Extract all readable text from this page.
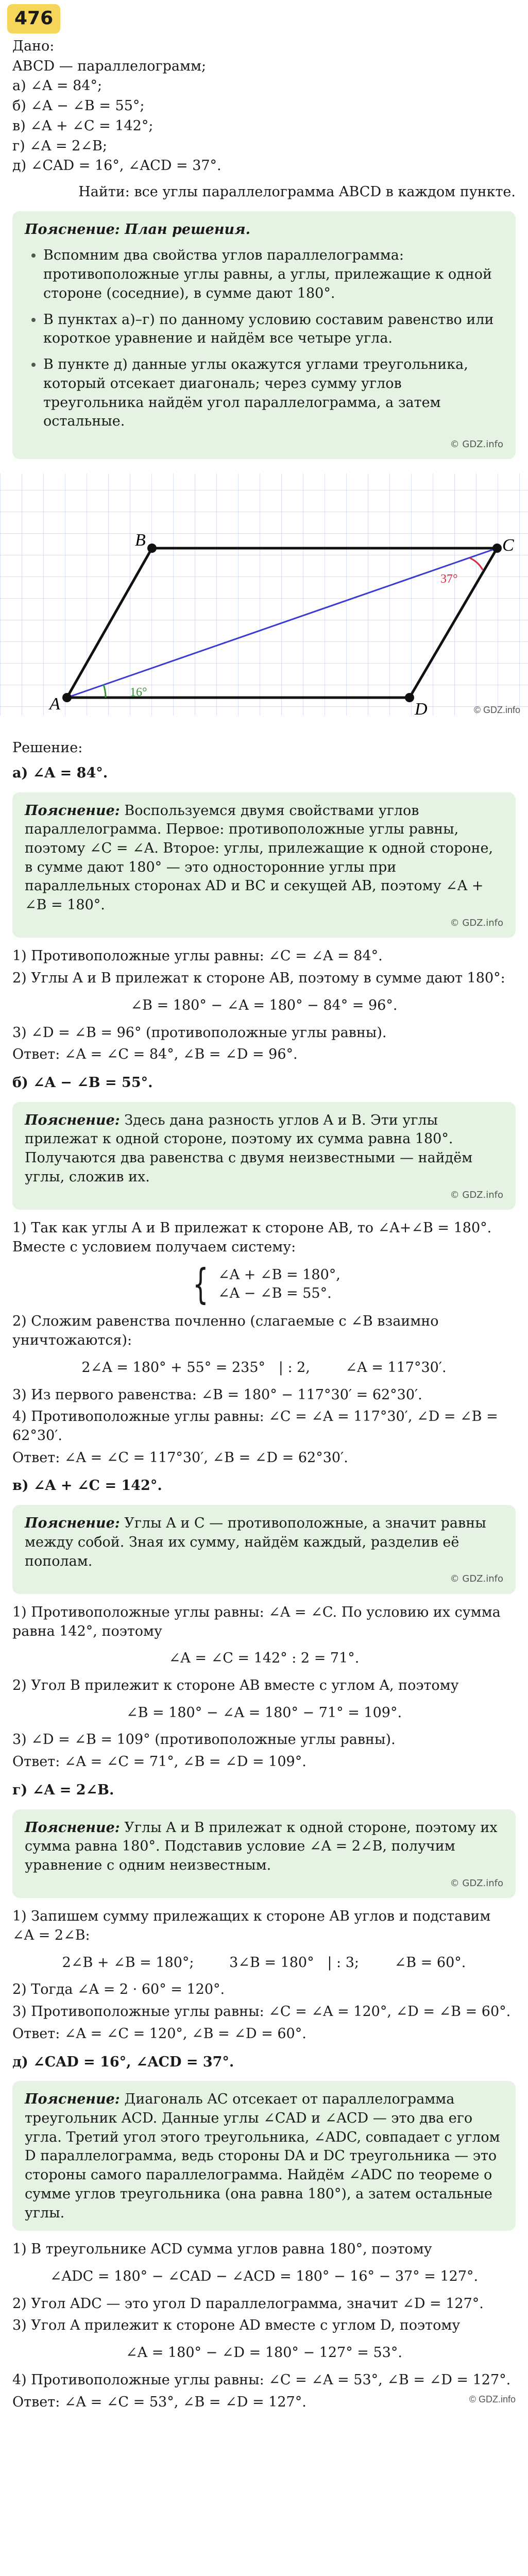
476
Дано:
ABCD — параллелограмм;
а) ∠A = 84°;
б) ∠A − ∠B = 55°;
в) ∠A + ∠C = 142°;
г) ∠A = 2∠B;
д) ∠CAD = 16°, ∠ACD = 37°.
Найти: все углы параллелограмма ABCD в каждом пункте.
Пояснение: План решения.
• Вспомним два свойства углов параллелограмма: противоположные углы равны, а углы, прилежащие к одной стороне (соседние), в сумме дают 180°.
• В пунктах а)–г) по данному условию составим равенство или короткое уравнение и найдём все четыре угла.
• В пункте д) данные углы окажутся углами треугольника, который отсекает диагональ; через сумму углов треугольника найдём угол параллелограмма, а затем остальные.
© GDZ.info
A
B	C
D
16°
37°
© GDZ.info
Решение:
а) ∠A = 84°.
Пояснение: Воспользуемся двумя свойствами углов параллелограмма. Первое: противоположные углы равны, поэтому ∠C = ∠A. Второе: углы, прилежащие к одной стороне, в сумме дают 180° — это односторонние углы при параллельных сторонах AD и BC и секущей AB, поэтому ∠A + ∠B = 180°.
© GDZ.info
1) Противоположные углы равны: ∠C = ∠A = 84°.
2) Углы A и B прилежат к стороне AB, поэтому в сумме дают 180°:
∠B = 180° − ∠A = 180° − 84° = 96°.
3) ∠D = ∠B = 96° (противоположные углы равны).
Ответ: ∠A = ∠C = 84°, ∠B = ∠D = 96°.
б) ∠A − ∠B = 55°.
Пояснение: Здесь дана разность углов A и B. Эти углы прилежат к одной стороне, поэтому их сумма равна 180°. Получаются два равенства с двумя неизвестными — найдём углы, сложив их.
© GDZ.info
1) Так как углы A и B прилежат к стороне AB, то ∠A+∠B = 180°. Вместе с условием получаем систему:
{ ∠A + ∠B = 180°,
∠A − ∠B = 55°.
2) Сложим равенства почленно (слагаемые с ∠B взаимно уничтожаются):
2∠A = 180° + 55° = 235°   | : 2,        ∠A = 117°30′.
3) Из первого равенства: ∠B = 180° − 117°30′ = 62°30′.
4) Противоположные углы равны: ∠C = ∠A = 117°30′, ∠D = ∠B = 62°30′.
Ответ: ∠A = ∠C = 117°30′, ∠B = ∠D = 62°30′.
в) ∠A + ∠C = 142°.
Пояснение: Углы A и C — противоположные, а значит равны между собой. Зная их сумму, найдём каждый, разделив её пополам.
© GDZ.info
1) Противоположные углы равны: ∠A = ∠C. По условию их сумма равна 142°, поэтому
∠A = ∠C = 142° : 2 = 71°.
2) Угол B прилежит к стороне AB вместе с углом A, поэтому
∠B = 180° − ∠A = 180° − 71° = 109°.
3) ∠D = ∠B = 109° (противоположные углы равны).
Ответ: ∠A = ∠C = 71°, ∠B = ∠D = 109°.
г) ∠A = 2∠B.
Пояснение: Углы A и B прилежат к одной стороне, поэтому их сумма равна 180°. Подставив условие ∠A = 2∠B, получим уравнение с одним неизвестным.
© GDZ.info
1) Запишем сумму прилежащих к стороне AB углов и подставим ∠A = 2∠B:
2∠B + ∠B = 180°;        3∠B = 180°   | : 3;        ∠B = 60°.
2) Тогда ∠A = 2 · 60° = 120°.
3) Противоположные углы равны: ∠C = ∠A = 120°, ∠D = ∠B = 60°.
Ответ: ∠A = ∠C = 120°, ∠B = ∠D = 60°.
д) ∠CAD = 16°, ∠ACD = 37°.
Пояснение: Диагональ AC отсекает от параллелограмма треугольник ACD. Данные углы ∠CAD и ∠ACD — это два его угла. Третий угол этого треугольника, ∠ADC, совпадает с углом D параллелограмма, ведь стороны DA и DC треугольника — это стороны самого параллелограмма. Найдём ∠ADC по теореме о сумме углов треугольника (она равна 180°), а затем остальные углы.
1) В треугольнике ACD сумма углов равна 180°, поэтому
∠ADC = 180° − ∠CAD − ∠ACD = 180° − 16° − 37° = 127°.
2) Угол ADC — это угол D параллелограмма, значит ∠D = 127°.
3) Угол A прилежит к стороне AD вместе с углом D, поэтому
∠A = 180° − ∠D = 180° − 127° = 53°.
4) Противоположные углы равны: ∠C = ∠A = 53°, ∠B = ∠D = 127°.
Ответ: ∠A = ∠C = 53°, ∠B = ∠D = 127°.	© GDZ.info
